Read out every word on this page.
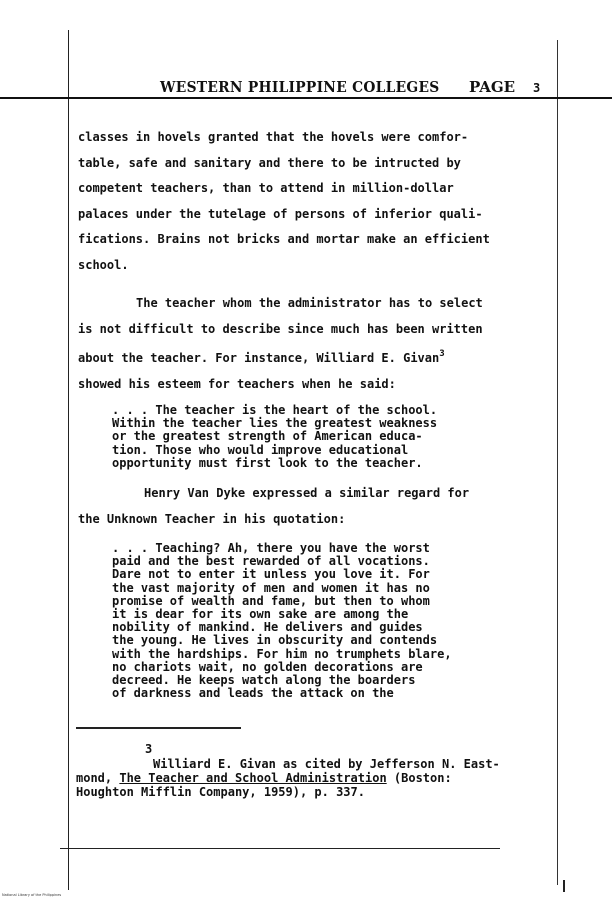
WESTERN PHILIPPINE COLLEGES PAGE 3
classes in hovels granted that the hovels were comfor-
table, safe and sanitary and there to be intructed by
competent teachers, than to attend in million-dollar
palaces under the tutelage of persons of inferior quali-
fications. Brains not bricks and mortar make an efficient
school.
The teacher whom the administrator has to select
is not difficult to describe since much has been written
about the teacher. For instance, Williard E. Givan$^3$
showed his esteem for teachers when he said:
. . . The teacher is the heart of the school.
Within the teacher lies the greatest weakness
or the greatest strength of American educa-
tion. Those who would improve educational
opportunity must first look to the teacher.
Henry Van Dyke expressed a similar regard for
the Unknown Teacher in his quotation:
. . . Teaching? Ah, there you have the worst
paid and the best rewarded of all vocations.
Dare not to enter it unless you love it. For
the vast majority of men and women it has no
promise of wealth and fame, but then to whom
it is dear for its own sake are among the
nobility of mankind. He delivers and guides
the young. He lives in obscurity and contends
with the hardships. For him no trumphets blare,
no chariots wait, no golden decorations are
decreed. He keeps watch along the boarders
of darkness and leads the attack on the
3
Williard E. Givan as cited by Jefferson N. East-
mond, The Teacher and School Administration (Boston:
Houghton Mifflin Company, 1959), p. 337.
National Library of the Philippines
